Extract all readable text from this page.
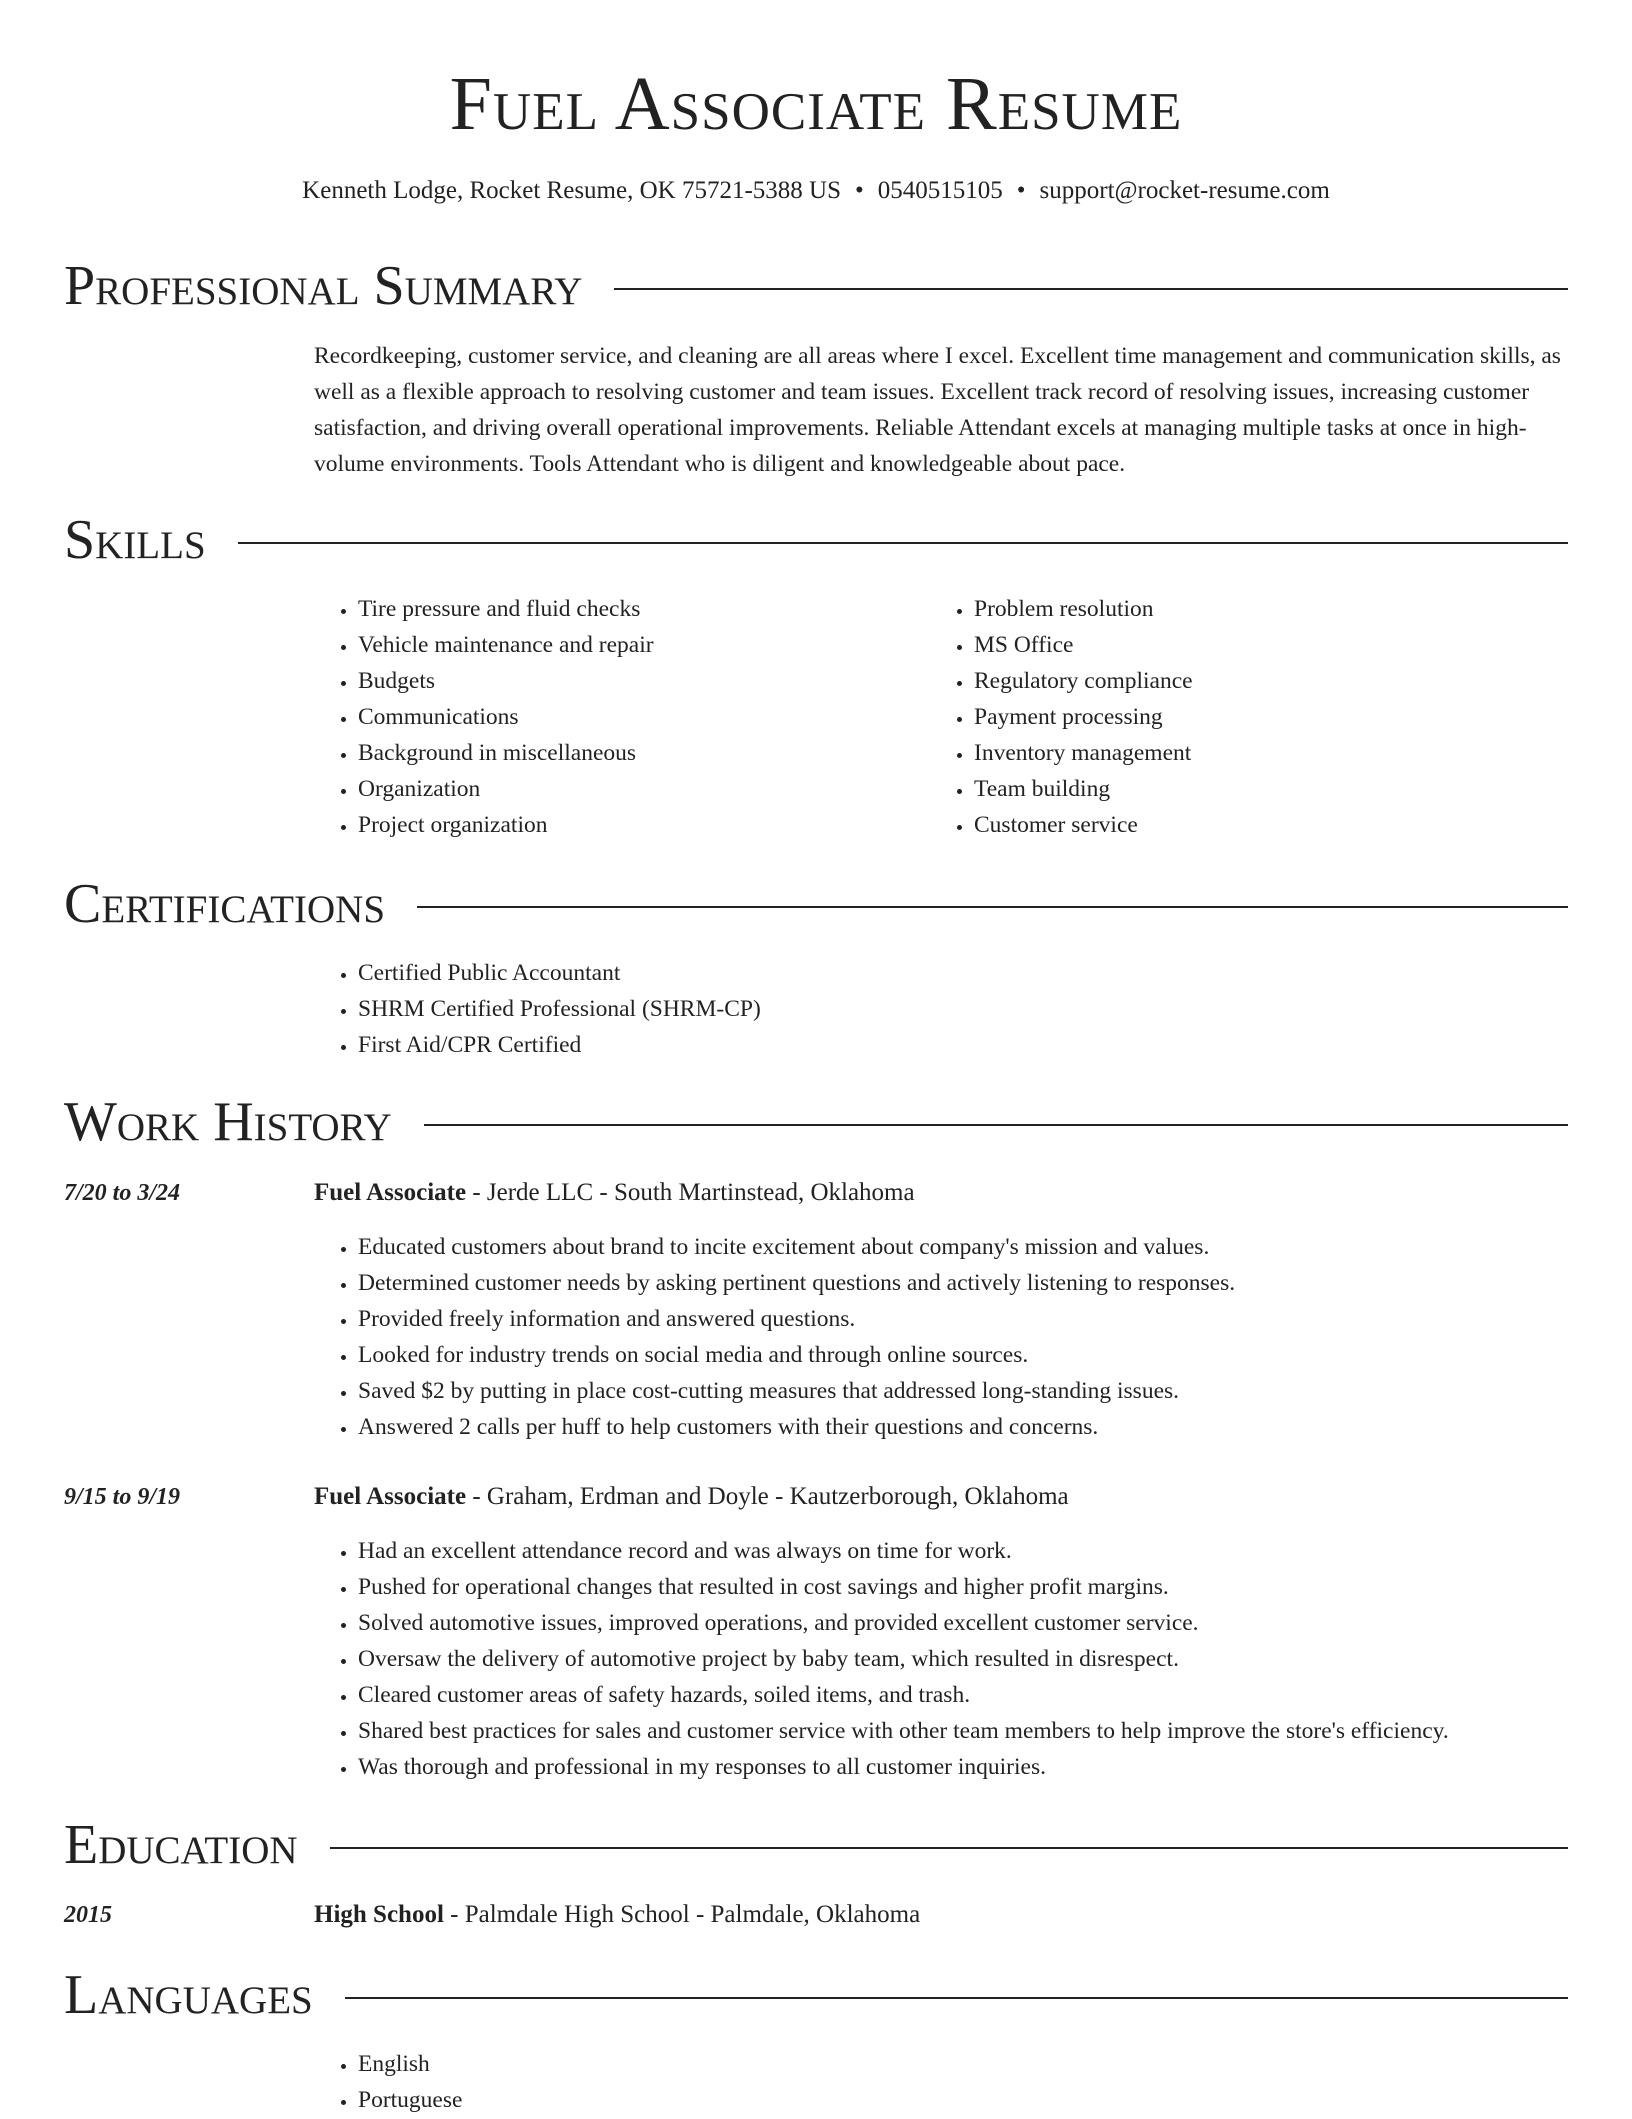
Fuel Associate Resume
Kenneth Lodge, Rocket Resume, OK 75721-5388 US • 0540515105 • support@rocket-resume.com
Professional Summary
Recordkeeping, customer service, and cleaning are all areas where I excel. Excellent time management and communication skills, as well as a flexible approach to resolving customer and team issues. Excellent track record of resolving issues, increasing customer satisfaction, and driving overall operational improvements. Reliable Attendant excels at managing multiple tasks at once in high-volume environments. Tools Attendant who is diligent and knowledgeable about pace.
Skills
• Tire pressure and fluid checks
• Vehicle maintenance and repair
• Budgets
• Communications
• Background in miscellaneous
• Organization
• Project organization
• Problem resolution
• MS Office
• Regulatory compliance
• Payment processing
• Inventory management
• Team building
• Customer service
Certifications
• Certified Public Accountant
• SHRM Certified Professional (SHRM-CP)
• First Aid/CPR Certified
Work History
7/20 to 3/24	Fuel Associate - Jerde LLC - South Martinstead, Oklahoma
• Educated customers about brand to incite excitement about company's mission and values.
• Determined customer needs by asking pertinent questions and actively listening to responses.
• Provided freely information and answered questions.
• Looked for industry trends on social media and through online sources.
• Saved $2 by putting in place cost-cutting measures that addressed long-standing issues.
• Answered 2 calls per huff to help customers with their questions and concerns.
9/15 to 9/19	Fuel Associate - Graham, Erdman and Doyle - Kautzerborough, Oklahoma
• Had an excellent attendance record and was always on time for work.
• Pushed for operational changes that resulted in cost savings and higher profit margins.
• Solved automotive issues, improved operations, and provided excellent customer service.
• Oversaw the delivery of automotive project by baby team, which resulted in disrespect.
• Cleared customer areas of safety hazards, soiled items, and trash.
• Shared best practices for sales and customer service with other team members to help improve the store's efficiency.
• Was thorough and professional in my responses to all customer inquiries.
Education
2015	High School - Palmdale High School - Palmdale, Oklahoma
Languages
• English
• Portuguese
